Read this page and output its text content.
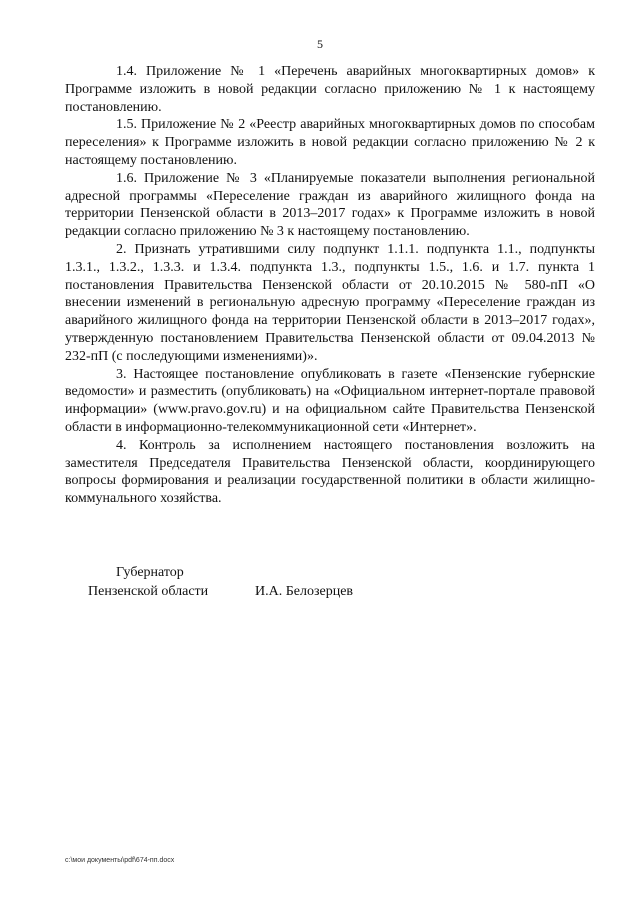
5

1.4. Приложение № 1 «Перечень аварийных многоквартирных домов» к Программе изложить в новой редакции согласно приложению № 1 к настоящему постановлению.

1.5. Приложение № 2 «Реестр аварийных многоквартирных домов по способам переселения» к Программе изложить в новой редакции согласно приложению № 2 к настоящему постановлению.

1.6. Приложение № 3 «Планируемые показатели выполнения региональной адресной программы «Переселение граждан из аварийного жилищного фонда на территории Пензенской области в 2013–2017 годах» к Программе изложить в новой редакции согласно приложению № 3 к настоящему постановлению.

2. Признать утратившими силу подпункт 1.1.1. подпункта 1.1., подпункты 1.3.1., 1.3.2., 1.3.3. и 1.3.4. подпункта 1.3., подпункты 1.5., 1.6. и 1.7. пункта 1 постановления Правительства Пензенской области от 20.10.2015 № 580-пП «О внесении изменений в региональную адресную программу «Переселение граждан из аварийного жилищного фонда на территории Пензенской области в 2013–2017 годах», утвержденную постановлением Правительства Пензенской области от 09.04.2013 № 232-пП (с последующими изменениями)».

3. Настоящее постановление опубликовать в газете «Пензенские губернские ведомости» и разместить (опубликовать) на «Официальном интернет-портале правовой информации» (www.pravo.gov.ru) и на официальном сайте Правительства Пензенской области в информационно-телекоммуникационной сети «Интернет».

4. Контроль за исполнением настоящего постановления возложить на заместителя Председателя Правительства Пензенской области, координирующего вопросы формирования и реализации государственной политики в области жилищно-коммунального хозяйства.

Губернатор
Пензенской области	И.А. Белозерцев
c:\мои документы\pdf\674-пп.docx
